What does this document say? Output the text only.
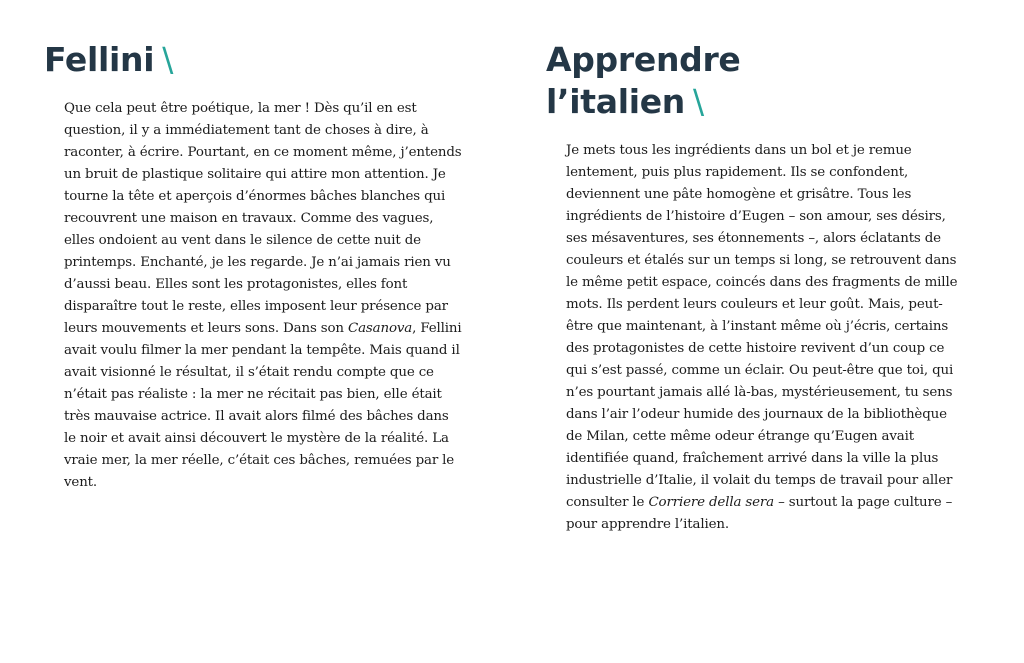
Fellini \

Que cela peut être poétique, la mer ! Dès qu’il en est question, il y a immédiatement tant de choses à dire, à raconter, à écrire. Pourtant, en ce moment même, j’entends un bruit de plastique solitaire qui attire mon attention. Je tourne la tête et aperçois d’énormes bâches blanches qui recouvrent une maison en travaux. Comme des vagues, elles ondoient au vent dans le silence de cette nuit de printemps. Enchanté, je les regarde. Je n’ai jamais rien vu d’aussi beau. Elles sont les protagonistes, elles font disparaître tout le reste, elles imposent leur présence par leurs mouvements et leurs sons. Dans son Casanova, Fellini avait voulu filmer la mer pendant la tempête. Mais quand il avait visionné le résultat, il s’était rendu compte que ce n’était pas réaliste : la mer ne récitait pas bien, elle était très mauvaise actrice. Il avait alors filmé des bâches dans le noir et avait ainsi découvert le mystère de la réalité. La vraie mer, la mer réelle, c’était ces bâches, remuées par le vent.

Apprendre
l’italien \

Je mets tous les ingrédients dans un bol et je remue lentement, puis plus rapidement. Ils se confondent, deviennent une pâte homogène et grisâtre. Tous les ingrédients de l’histoire d’Eugen – son amour, ses désirs, ses mésaventures, ses étonnements –, alors éclatants de couleurs et étalés sur un temps si long, se retrouvent dans le même petit espace, coincés dans des fragments de mille mots. Ils perdent leurs couleurs et leur goût. Mais, peut-être que maintenant, à l’instant même où j’écris, certains des protagonistes de cette histoire revivent d’un coup ce qui s’est passé, comme un éclair. Ou peut-être que toi, qui n’es pourtant jamais allé là-bas, mystérieusement, tu sens dans l’air l’odeur humide des journaux de la bibliothèque de Milan, cette même odeur étrange qu’Eugen avait identifiée quand, fraîchement arrivé dans la ville la plus industrielle d’Italie, il volait du temps de travail pour aller consulter le Corriere della sera – surtout la page culture – pour apprendre l’italien.
